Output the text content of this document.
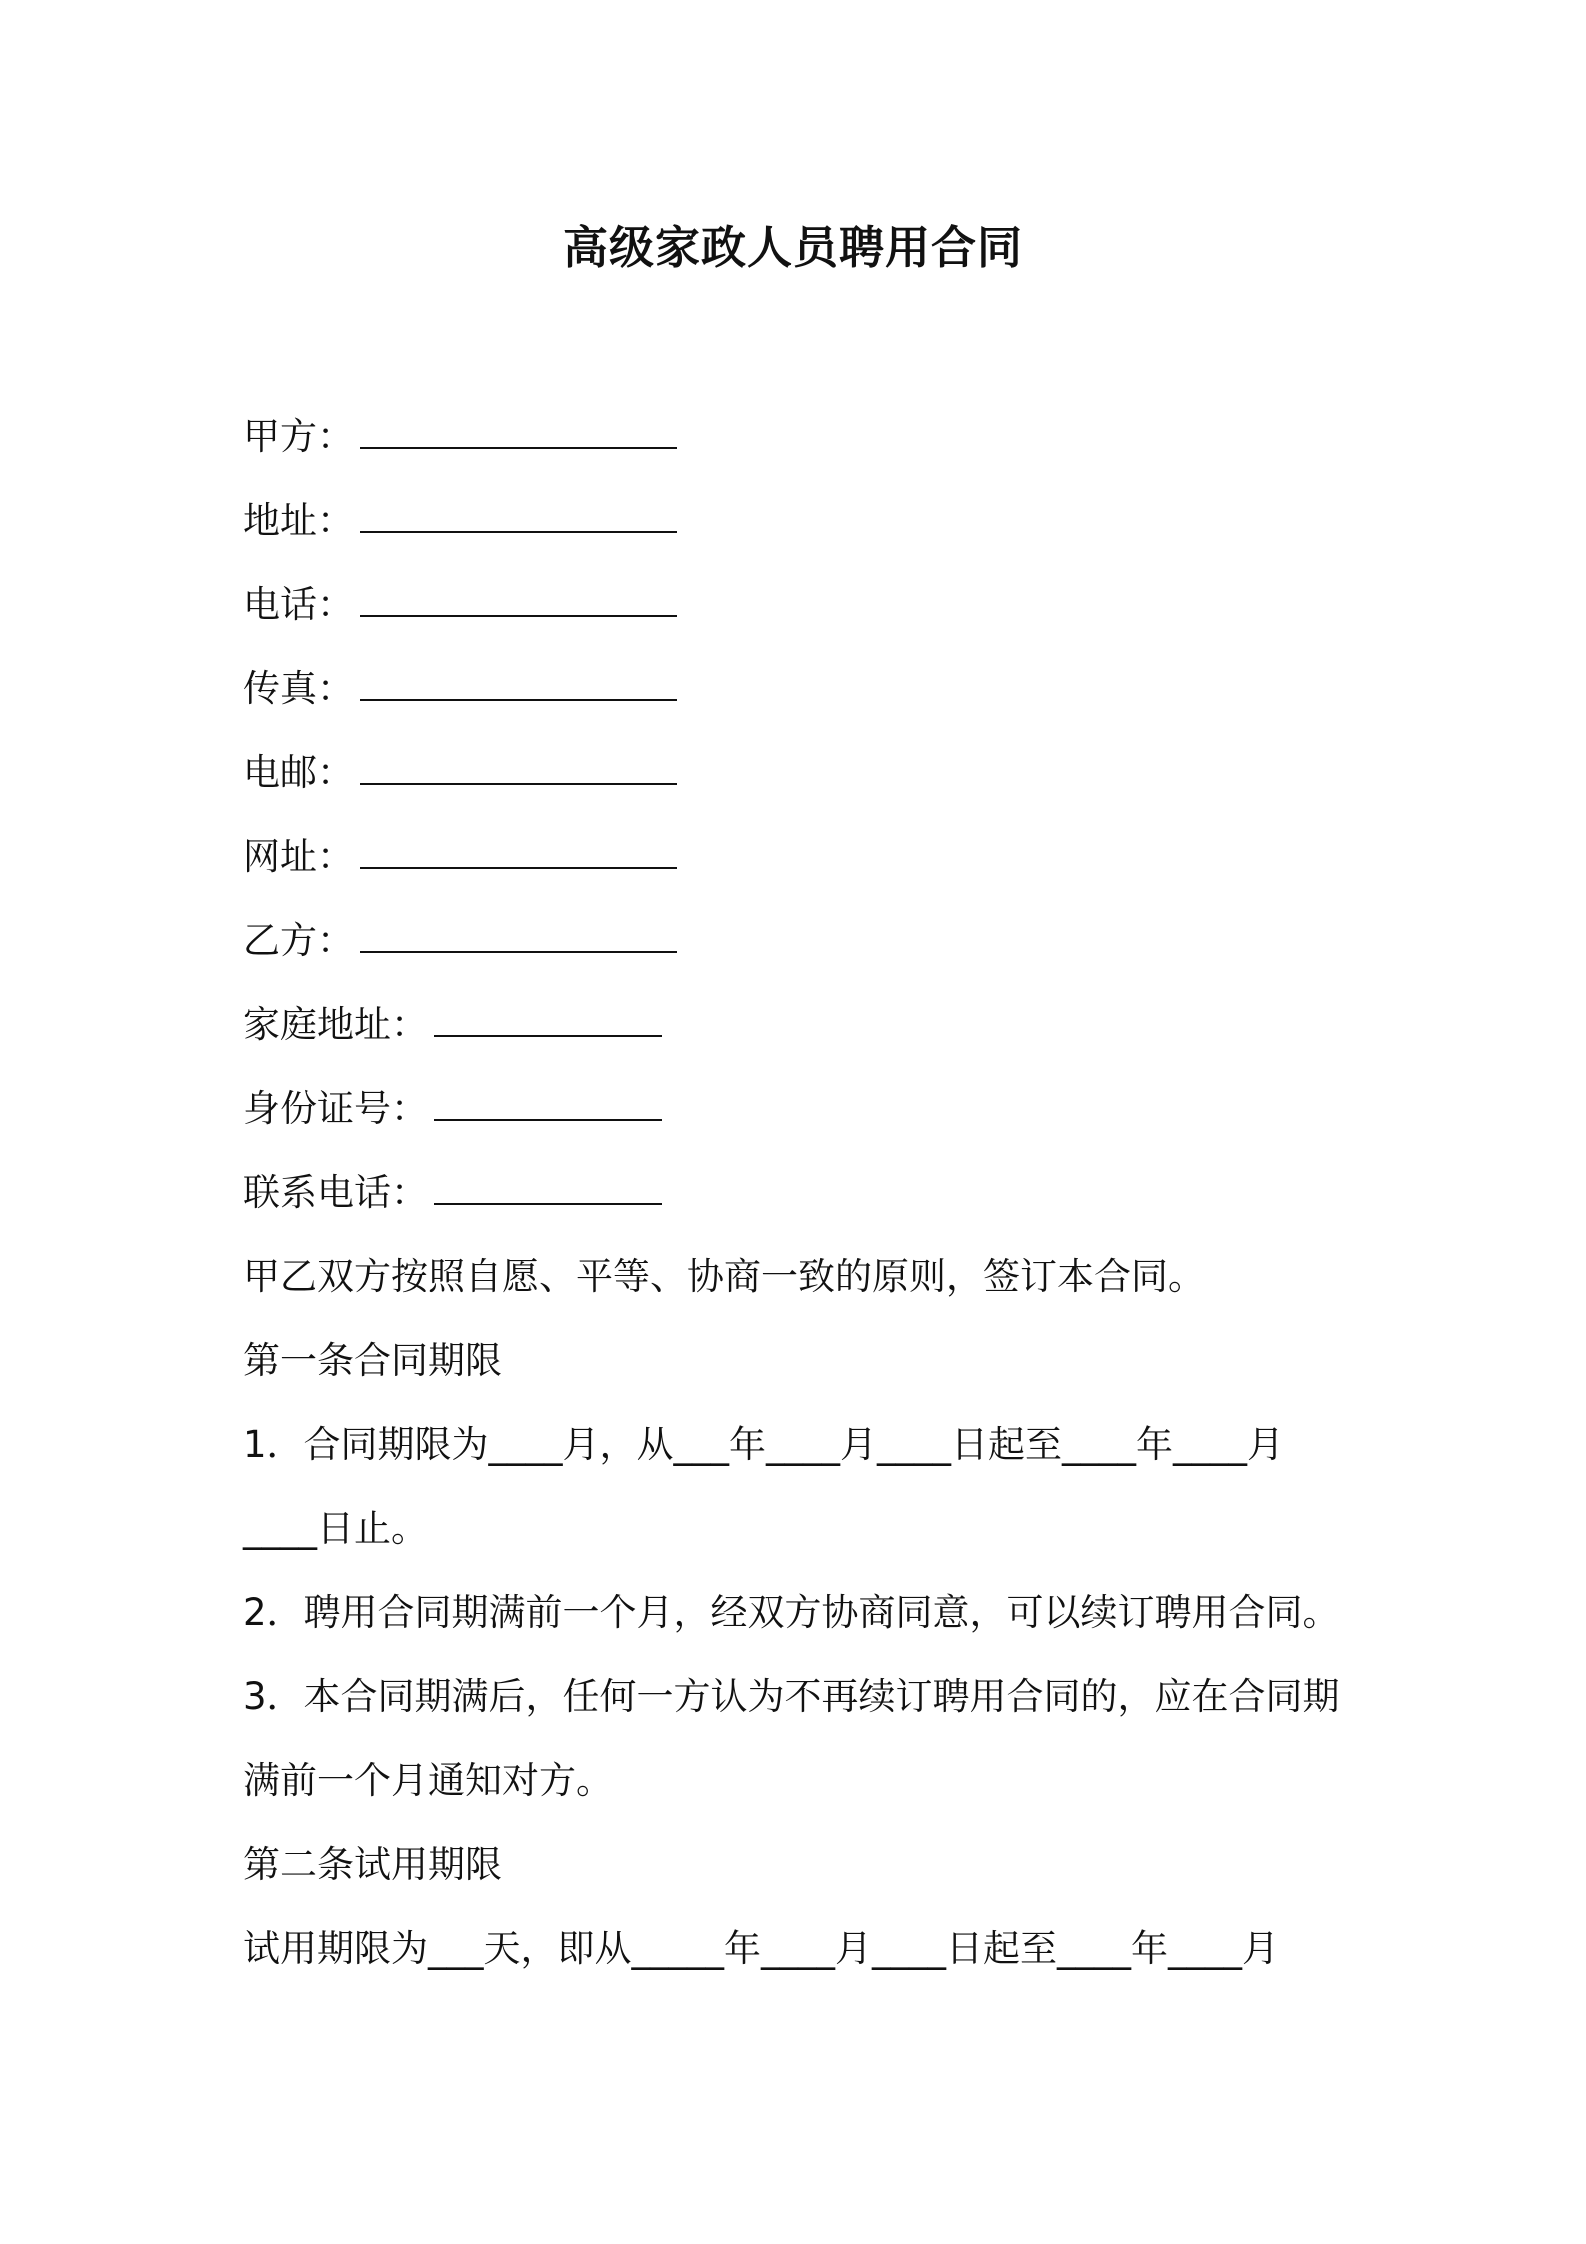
高级家政人员聘用合同
甲方：
地址：
电话：
传真：
电邮：
网址：
乙方：
家庭地址：
身份证号：
联系电话：
甲乙双方按照自愿、平等、协商一致的原则，签订本合同。
第一条合同期限
1．合同期限为____月，从___年____月____日起至____年____月
____日止。
2．聘用合同期满前一个月，经双方协商同意，可以续订聘用合同。
3．本合同期满后，任何一方认为不再续订聘用合同的，应在合同期
满前一个月通知对方。
第二条试用期限
试用期限为___天，即从_____年____月____日起至____年____月
